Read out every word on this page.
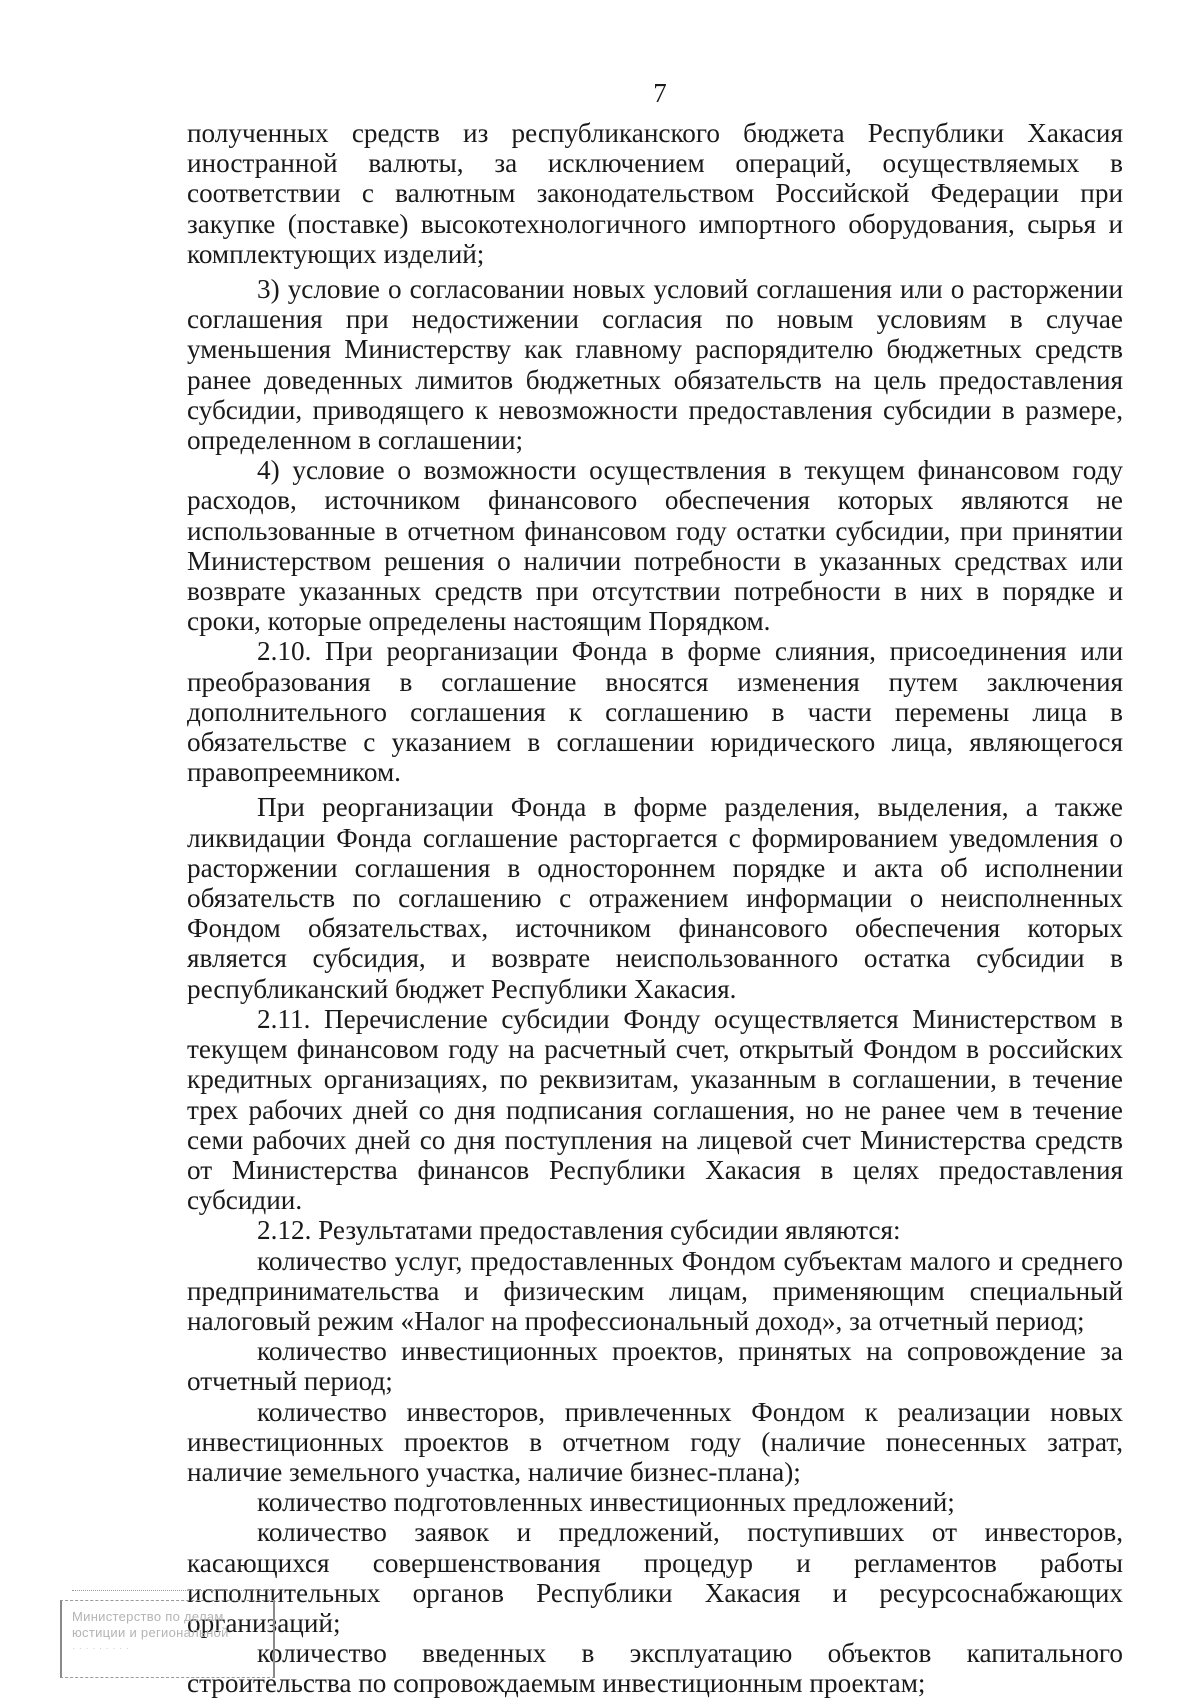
7

полученных средств из республиканского бюджета Республики Хакасия иностранной валюты, за исключением операций, осуществляемых в соответствии с валютным законодательством Российской Федерации при закупке (поставке) высокотехнологичного импортного оборудования, сырья и комплектующих изделий;

3) условие о согласовании новых условий соглашения или о расторжении соглашения при недостижении согласия по новым условиям в случае уменьшения Министерству как главному распорядителю бюджетных средств ранее доведенных лимитов бюджетных обязательств на цель предоставления субсидии, приводящего к невозможности предоставления субсидии в размере, определенном в соглашении;

4) условие о возможности осуществления в текущем финансовом году расходов, источником финансового обеспечения которых являются не использованные в отчетном финансовом году остатки субсидии, при принятии Министерством решения о наличии потребности в указанных средствах или возврате указанных средств при отсутствии потребности в них в порядке и сроки, которые определены настоящим Порядком.

2.10. При реорганизации Фонда в форме слияния, присоединения или преобразования в соглашение вносятся изменения путем заключения дополнительного соглашения к соглашению в части перемены лица в обязательстве с указанием в соглашении юридического лица, являющегося правопреемником.

При реорганизации Фонда в форме разделения, выделения, а также ликвидации Фонда соглашение расторгается с формированием уведомления о расторжении соглашения в одностороннем порядке и акта об исполнении обязательств по соглашению с отражением информации о неисполненных Фондом обязательствах, источником финансового обеспечения которых является субсидия, и возврате неиспользованного остатка субсидии в республиканский бюджет Республики Хакасия.

2.11. Перечисление субсидии Фонду осуществляется Министерством в текущем финансовом году на расчетный счет, открытый Фондом в российских кредитных организациях, по реквизитам, указанным в соглашении, в течение трех рабочих дней со дня подписания соглашения, но не ранее чем в течение семи рабочих дней со дня поступления на лицевой счет Министерства средств от Министерства финансов Республики Хакасия в целях предоставления субсидии.

2.12. Результатами предоставления субсидии являются:

количество услуг, предоставленных Фондом субъектам малого и среднего предпринимательства и физическим лицам, применяющим специальный налоговый режим «Налог на профессиональный доход», за отчетный период;

количество инвестиционных проектов, принятых на сопровождение за отчетный период;

количество инвесторов, привлеченных Фондом к реализации новых инвестиционных проектов в отчетном году (наличие понесенных затрат, наличие земельного участка, наличие бизнес-плана);

количество подготовленных инвестиционных предложений;

количество заявок и предложений, поступивших от инвесторов, касающихся совершенствования процедур и регламентов работы исполнительных органов Республики Хакасия и ресурсоснабжающих организаций;

количество введенных в эксплуатацию объектов капитального строительства по сопровождаемым инвестиционным проектам;

Министерство по делам
юстиции и региональной
· · · · · · · · ·
